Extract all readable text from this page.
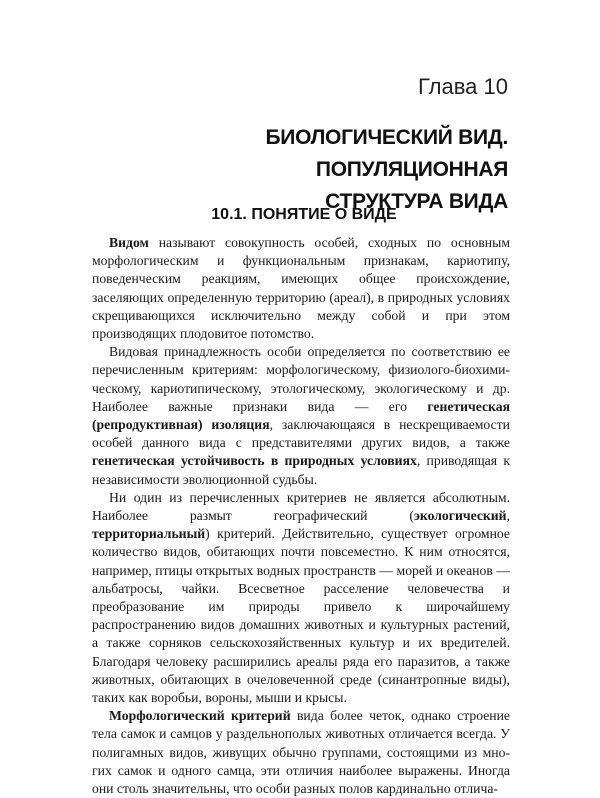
Глава 10
БИОЛОГИЧЕСКИЙ ВИД. ПОПУЛЯЦИОННАЯ
СТРУКТУРА ВИДА
10.1. ПОНЯТИЕ О ВИДЕ

Видом называют совокупность особей, сходных по основным морфологическим и функциональным признакам, кариотипу, поведенческим реакциям, имеющих общее происхождение, заселяющих определенную территорию (ареал), в природных условиях скрещивающихся исключительно между собой и при этом производящих плодовитое потомство.

Видовая принадлежность особи определяется по соответствию ее перечисленным критериям: морфологическому, физиолого-биохимическому, кариотипическому, этологическому, экологическому и др. Наиболее важные признаки вида — его генетическая (репродуктивная) изоляция, заключающаяся в нескрещиваемости особей данного вида с представителями других видов, а также генетическая устойчивость в природных условиях, приводящая к независимости эволюционной судьбы.

Ни один из перечисленных критериев не является абсолютным. Наиболее размыт географический (экологический, территориальный) критерий. Действительно, существует огромное количество видов, обитающих почти повсеместно. К ним относятся, например, птицы открытых водных пространств — морей и океанов — альбатросы, чайки. Всесветное расселение человечества и преобразование им природы привело к широчайшему распространению видов домашних животных и культурных растений, а также сорняков сельскохозяйственных культур и их вредителей. Благодаря человеку расширились ареалы ряда его паразитов, а также животных, обитающих в очеловеченной среде (синантропные виды), таких как воробьи, вороны, мыши и крысы.

Морфологический критерий вида более четок, однако строение тела самок и самцов у раздельнополых животных отличается всегда. У полигамных видов, живущих обычно группами, состоящими из многих самок и одного самца, эти отличия наиболее выражены. Иногда они столь значительны, что особи разных полов кардинально отлича-
